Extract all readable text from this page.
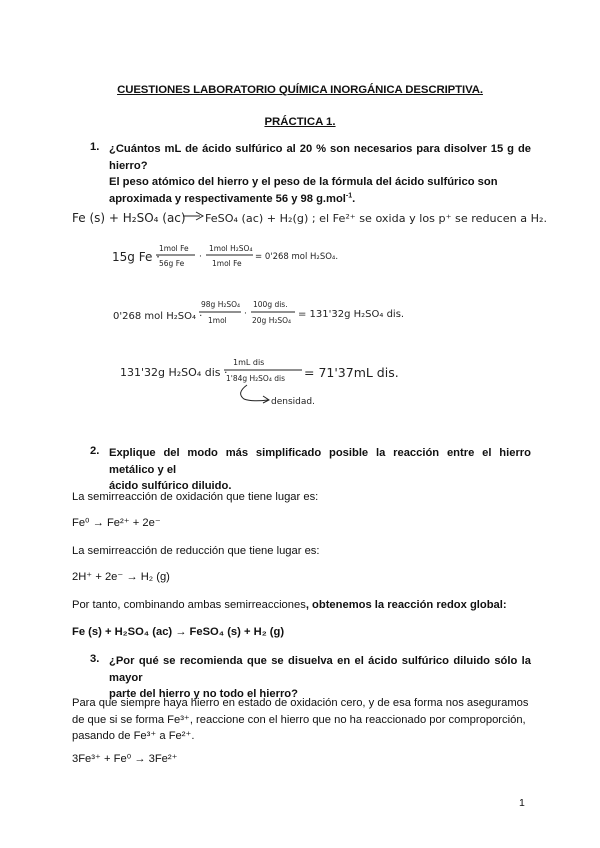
CUESTIONES LABORATORIO QUÍMICA INORGÁNICA DESCRIPTIVA.
PRÁCTICA 1.
1. ¿Cuántos mL de ácido sulfúrico al 20 % son necesarios para disolver 15 g de hierro?
El peso atómico del hierro y el peso de la fórmula del ácido sulfúrico son
aproximada y respectivamente 56 y 98 g.mol$^{-1}$.
Fe (s) + H₂SO₄ (ac) FeSO₄ (ac) + H₂(g) ; el Fe²⁺ se oxida y los p⁺ se reducen a H₂.
15g Fe ·
1mol Fe
56g Fe
·
1mol H₂SO₄
1mol Fe
= 0'268 mol H₂SO₄.
0'268 mol H₂SO₄ ·
98g H₂SO₄
1mol
·
100g dis.
20g H₂SO₄
= 131'32g H₂SO₄ dis.
131'32g H₂SO₄ dis ·
1mL dis
1'84g H₂SO₄ dis = 71'37mL dis.
densidad.
2. Explique del modo más simplificado posible la reacción entre el hierro metálico y el
ácido sulfúrico diluido.
La semirreacción de oxidación que tiene lugar es:
Fe⁰ → Fe²⁺ + 2e⁻
La semirreacción de reducción que tiene lugar es:
2H⁺ + 2e⁻ → H₂ (g)
Por tanto, combinando ambas semirreacciones, obtenemos la reacción redox global:
Fe (s) + H₂SO₄ (ac) → FeSO₄ (s) + H₂ (g)
3. ¿Por qué se recomienda que se disuelva en el ácido sulfúrico diluido sólo la mayor
parte del hierro y no todo el hierro?
Para que siempre haya hierro en estado de oxidación cero, y de esa forma nos aseguramos
de que si se forma Fe³⁺, reaccione con el hierro que no ha reaccionado por comproporción,
pasando de Fe³⁺ a Fe²⁺.
3Fe³⁺ + Fe⁰ → 3Fe²⁺
1
